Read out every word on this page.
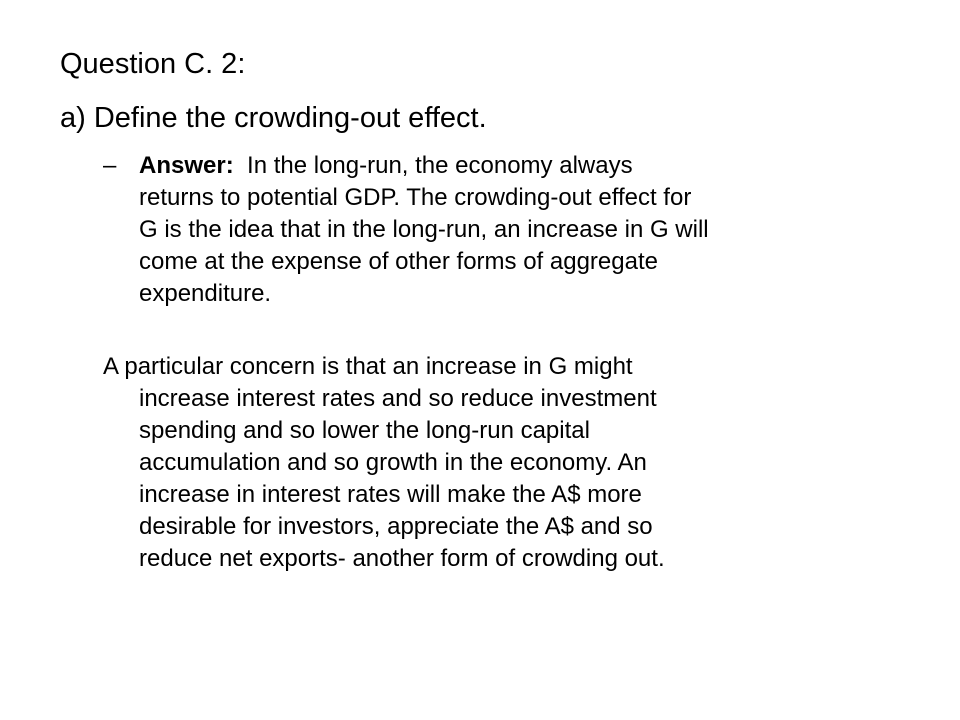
Question C. 2:
a) Define the crowding-out effect.
– Answer: In the long-run, the economy always
returns to potential GDP. The crowding-out effect for
G is the idea that in the long-run, an increase in G will
come at the expense of other forms of aggregate
expenditure.
A particular concern is that an increase in G might
increase interest rates and so reduce investment
spending and so lower the long-run capital
accumulation and so growth in the economy. An
increase in interest rates will make the A$ more
desirable for investors, appreciate the A$ and so
reduce net exports- another form of crowding out.
